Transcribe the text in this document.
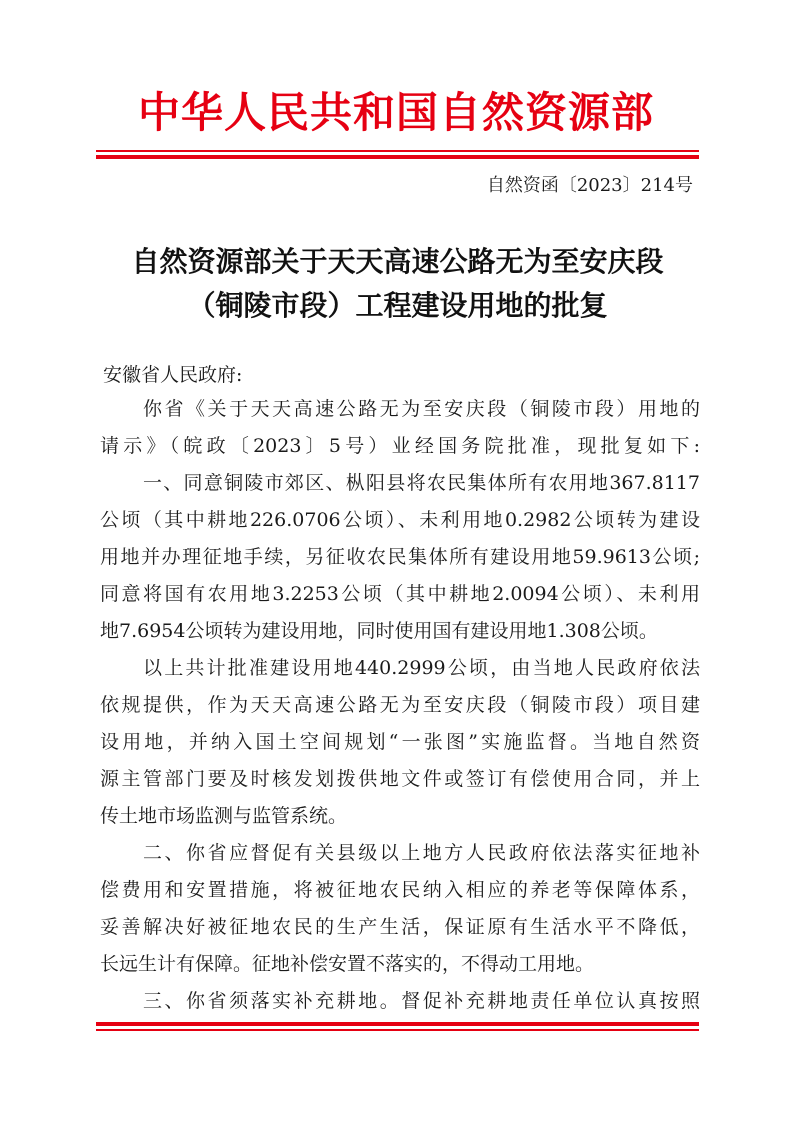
中华人民共和国自然资源部
自然资函〔2023〕214号
自然资源部关于天天高速公路无为至安庆段
（铜陵市段）工程建设用地的批复
安徽省人民政府:
你省《关于天天高速公路无为至安庆段（铜陵市段）用地的
请示》（皖政〔2023〕5号）业经国务院批准，现批复如下:
一、同意铜陵市郊区、枞阳县将农民集体所有农用地367.8117
公顷（其中耕地226.0706公顷）、未利用地0.2982公顷转为建设
用地并办理征地手续，另征收农民集体所有建设用地59.9613公顷;
同意将国有农用地3.2253公顷（其中耕地2.0094公顷）、未利用
地7.6954公顷转为建设用地，同时使用国有建设用地1.308公顷。
以上共计批准建设用地440.2999公顷，由当地人民政府依法
依规提供，作为天天高速公路无为至安庆段（铜陵市段）项目建
设用地，并纳入国土空间规划“一张图”实施监督。当地自然资
源主管部门要及时核发划拨供地文件或签订有偿使用合同，并上
传土地市场监测与监管系统。
二、你省应督促有关县级以上地方人民政府依法落实征地补
偿费用和安置措施，将被征地农民纳入相应的养老等保障体系，
妥善解决好被征地农民的生产生活，保证原有生活水平不降低，
长远生计有保障。征地补偿安置不落实的，不得动工用地。
三、你省须落实补充耕地。督促补充耕地责任单位认真按照
